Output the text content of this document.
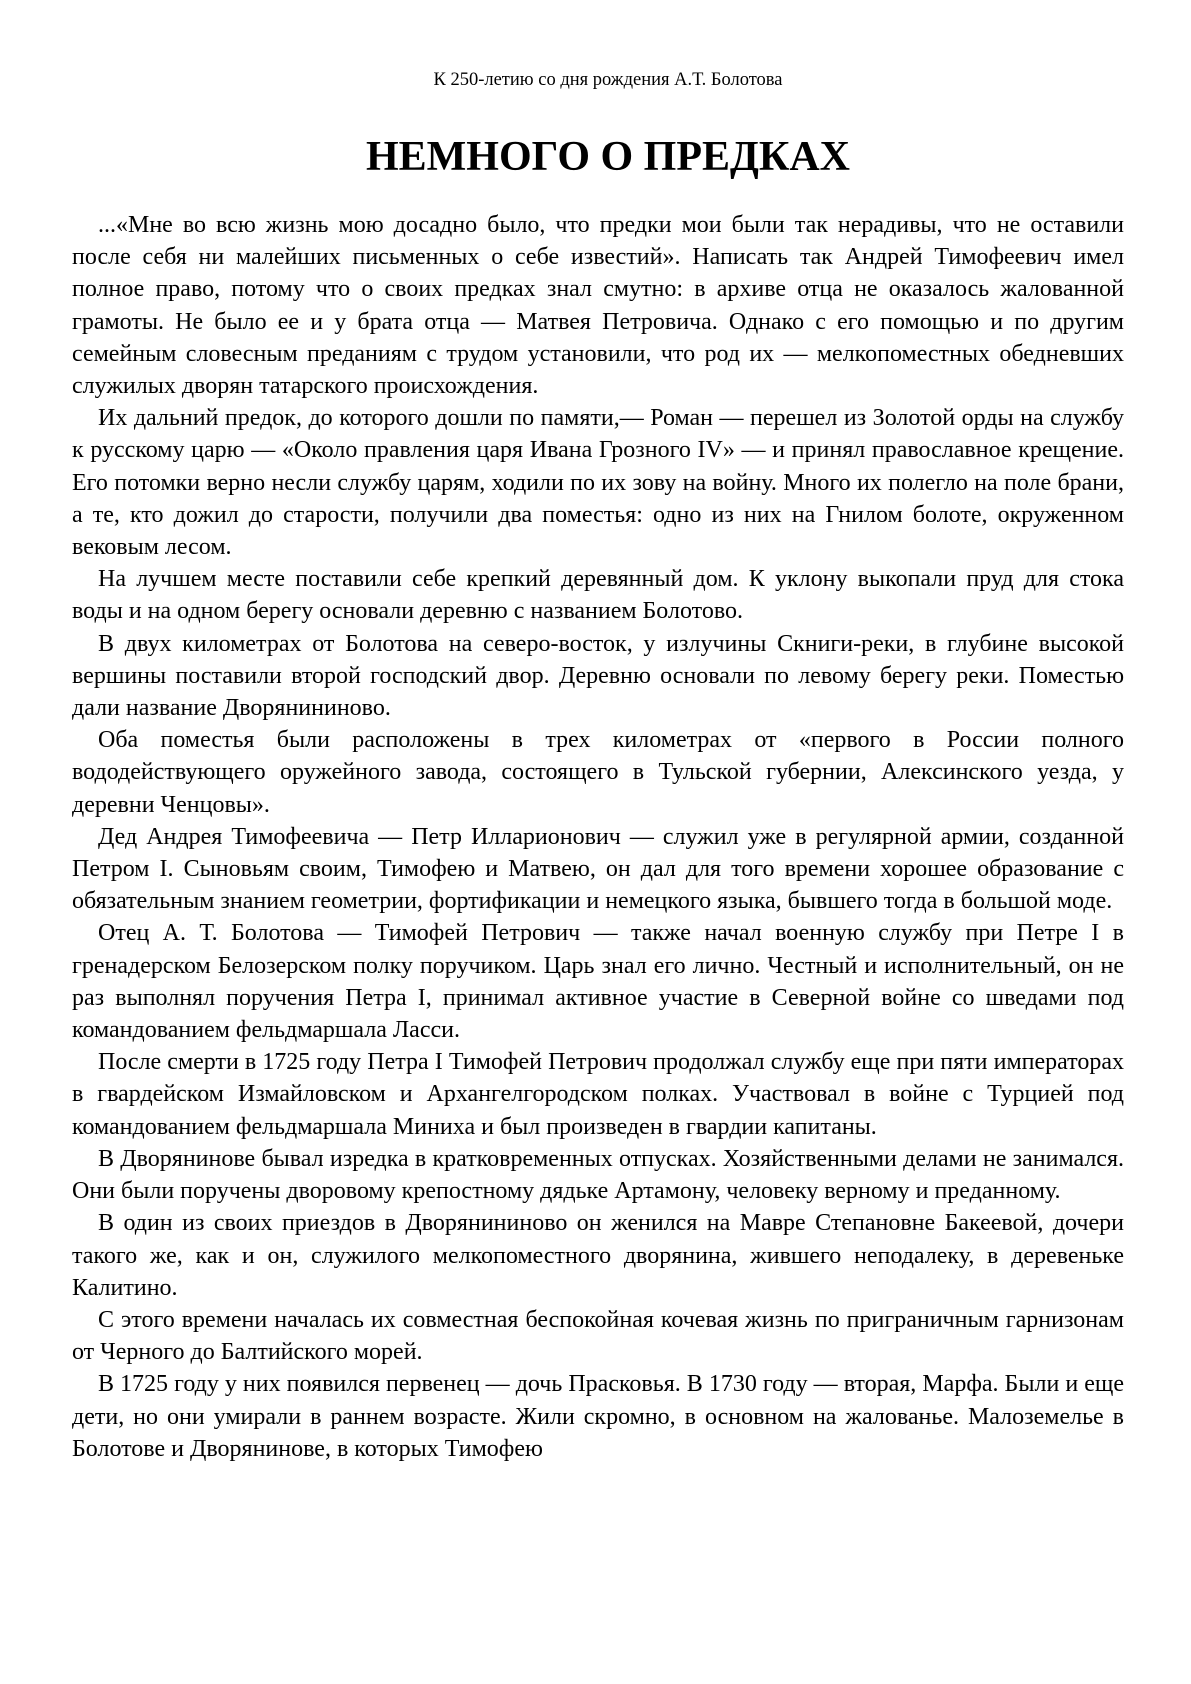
К 250-летию со дня рождения А.Т. Болотова

НЕМНОГО О ПРЕДКАХ

...«Мне во всю жизнь мою досадно было, что предки мои были так нерадивы, что не оставили после себя ни малейших письменных о себе известий». Написать так Андрей Тимофеевич имел полное право, потому что о своих предках знал смутно: в архиве отца не оказалось жалованной грамоты. Не было ее и у брата отца — Матвея Петровича. Однако с его помощью и по другим семейным словесным преданиям с трудом установили, что род их — мелкопоместных обедневших служилых дворян татарского происхождения.

Их дальний предок, до которого дошли по памяти,— Роман — перешел из Золотой орды на службу к русскому царю — «Около правления царя Ивана Грозного IV» — и принял православное крещение. Его потомки верно несли службу царям, ходили по их зову на войну. Много их полегло на поле брани, а те, кто дожил до старости, получили два поместья: одно из них на Гнилом болоте, окруженном вековым лесом.

На лучшем месте поставили себе крепкий деревянный дом. К уклону выкопали пруд для стока воды и на одном берегу основали деревню с названием Болотово.

В двух километрах от Болотова на северо-восток, у излучины Скниги-реки, в глубине высокой вершины поставили второй господский двор. Деревню основали по левому берегу реки. Поместью дали название Дворянининово.

Оба поместья были расположены в трех километрах от «первого в России полного вододействующего оружейного завода, состоящего в Тульской губернии, Алексинского уезда, у деревни Ченцовы».

Дед Андрея Тимофеевича — Петр Илларионович — служил уже в регулярной армии, созданной Петром I. Сыновьям своим, Тимофею и Матвею, он дал для того времени хорошее образование с обязательным знанием геометрии, фортификации и немецкого языка, бывшего тогда в большой моде.

Отец А. Т. Болотова — Тимофей Петрович — также начал военную службу при Петре I в гренадерском Белозерском полку поручиком. Царь знал его лично. Честный и исполнительный, он не раз выполнял поручения Петра I, принимал активное участие в Северной войне со шведами под командованием фельдмаршала Ласси.

После смерти в 1725 году Петра I Тимофей Петрович продолжал службу еще при пяти императорах в гвардейском Измайловском и Архангелгородском полках. Участвовал в войне с Турцией под командованием фельдмаршала Миниха и был произведен в гвардии капитаны.

В Дворянинове бывал изредка в кратковременных отпусках. Хозяйственными делами не занимался. Они были поручены дворовому крепостному дядьке Артамону, человеку верному и преданному.

В один из своих приездов в Дворянининово он женился на Мавре Степановне Бакеевой, дочери такого же, как и он, служилого мелкопоместного дворянина, жившего неподалеку, в деревеньке Калитино.

С этого времени началась их совместная беспокойная кочевая жизнь по приграничным гарнизонам от Черного до Балтийского морей.

В 1725 году у них появился первенец — дочь Прасковья. В 1730 году — вторая, Марфа. Были и еще дети, но они умирали в раннем возрасте. Жили скромно, в основном на жалованье. Малоземелье в Болотове и Дворянинове, в которых Тимофею
